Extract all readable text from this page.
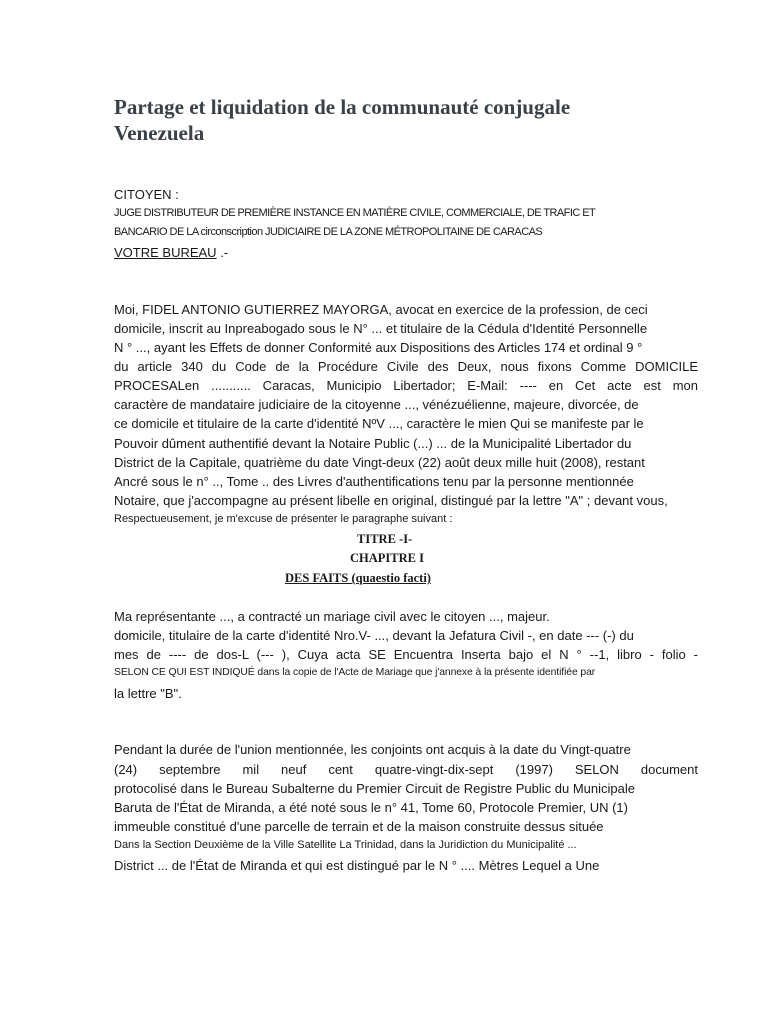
Partage et liquidation de la communauté conjugale
Venezuela
CITOYEN :
JUGE DISTRIBUTEUR DE PREMIÈRE INSTANCE EN MATIÈRE CIVILE, COMMERCIALE, DE TRAFIC ET
BANCARIO DE LA circonscription JUDICIAIRE DE LA ZONE MÉTROPOLITAINE DE CARACAS
VOTRE BUREAU .-
Moi, FIDEL ANTONIO GUTIERREZ MAYORGA, avocat en exercice de la profession, de ceci
domicile, inscrit au Inpreabogado sous le N° ... et titulaire de la Cédula d'Identité Personnelle
N ° ..., ayant les Effets de donner Conformité aux Dispositions des Articles 174 et ordinal 9 °
du article 340 du Code de la Procédure Civile des Deux, nous fixons Comme DOMICILE
PROCESALen ........... Caracas, Municipio Libertador; E-Mail: ---- en Cet acte est mon
caractère de mandataire judiciaire de la citoyenne ..., vénézuélienne, majeure, divorcée, de
ce domicile et titulaire de la carte d'identité NºV ..., caractère le mien Qui se manifeste par le
Pouvoir dûment authentifié devant la Notaire Public (...) ... de la Municipalité Libertador du
District de la Capitale, quatrième du date Vingt-deux (22) août deux mille huit (2008), restant
Ancré sous le n° .., Tome .. des Livres d'authentifications tenu par la personne mentionnée
Notaire, que j'accompagne au présent libelle en original, distingué par la lettre "A" ; devant vous,
Respectueusement, je m'excuse de présenter le paragraphe suivant :
TITRE -I-
CHAPITRE I
DES FAITS (quaestio facti)
Ma représentante ..., a contracté un mariage civil avec le citoyen ..., majeur.
domicile, titulaire de la carte d'identité Nro.V- ..., devant la Jefatura Civil -, en date --- (-) du
mes de ---- de dos-L (--- ), Cuya acta SE Encuentra Inserta bajo el N ° --1, libro - folio -
SELON CE QUI EST INDIQUÉ dans la copie de l'Acte de Mariage que j'annexe à la présente identifiée par
la lettre "B".
Pendant la durée de l'union mentionnée, les conjoints ont acquis à la date du Vingt-quatre
(24) septembre mil neuf cent quatre-vingt-dix-sept (1997) SELON document
protocolisé dans le Bureau Subalterne du Premier Circuit de Registre Public du Municipale
Baruta de l'État de Miranda, a été noté sous le n° 41, Tome 60, Protocole Premier, UN (1)
immeuble constitué d'une parcelle de terrain et de la maison construite dessus située
Dans la Section Deuxième de la Ville Satellite La Trinidad, dans la Juridiction du Municipalité ...
District ... de l'État de Miranda et qui est distingué par le N ° .... Mètres Lequel a Une
